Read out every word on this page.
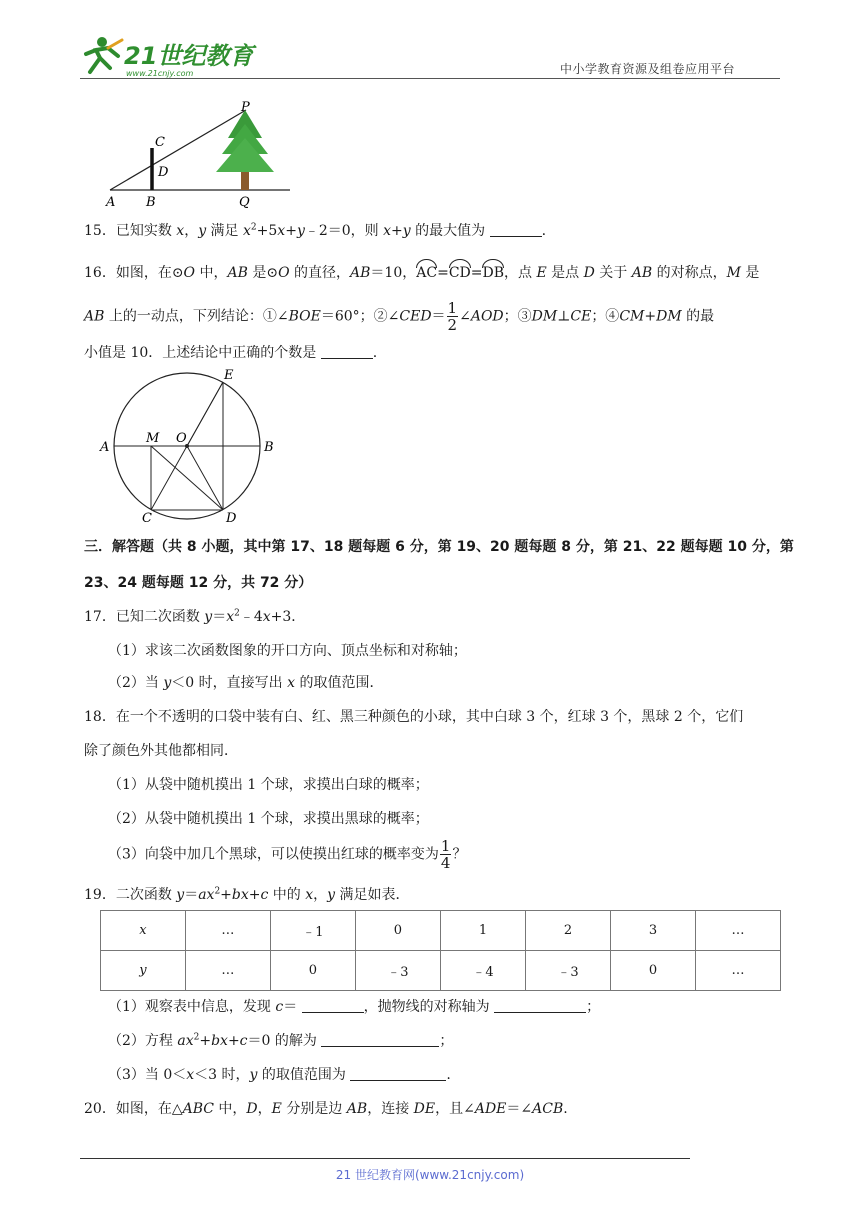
21世纪教育
www.21cnjy.com	中小学教育资源及组卷应用平台
A B
C
D
P
Q
15．已知实数 x，y 满足 $x^2+5x+y﹣2=0$，则 x+y 的最大值为	.
16．如图，在⊙O 中，AB 是⊙O 的直径，AB＝10，AC=CD=DB，点 E 是点 D 关于 AB 的对称点，M 是
AB 上的一动点，下列结论：①∠BOE＝60°；②∠CED＝ $\frac{1}{2}$ ∠AOD；③DM⊥CE；④CM+DM 的最
小值是 10．上述结论中正确的个数是	.
A	B
C	D
E
M O
三．解答题（共 8 小题，其中第 17、18 题每题 6 分，第 19、20 题每题 8 分，第 21、22 题每题 10 分，第
23、24 题每题 12 分，共 72 分）
17．已知二次函数 $y=x^2﹣4x+3$．
（1）求该二次函数图象的开口方向、顶点坐标和对称轴；
（2）当 y＜0 时，直接写出 x 的取值范围．
18．在一个不透明的口袋中装有白、红、黑三种颜色的小球，其中白球 3 个，红球 3 个，黑球 2 个，它们
除了颜色外其他都相同．
（1）从袋中随机摸出 1 个球，求摸出白球的概率；
（2）从袋中随机摸出 1 个球，求摸出黑球的概率；
（3）向袋中加几个黑球，可以使摸出红球的概率变为 $\frac{1}{4}$ ？
19．二次函数 $y=ax^2+bx+c$ 中的 x，y 满足如表．
x	…	﹣1	0	1	2	3	…
y	…	0	﹣3	﹣4	﹣3	0	…
（1）观察表中信息，发现 c＝	，抛物线的对称轴为	；
（2）方程 $ax^2+bx+c=0$ 的解为	；
（3）当 0＜x＜3 时，y 的取值范围为	.
20．如图，在△ABC 中，D，E 分别是边 AB，连接 DE，且∠ADE＝∠ACB.
21 世纪教育网(www.21cnjy.com)
